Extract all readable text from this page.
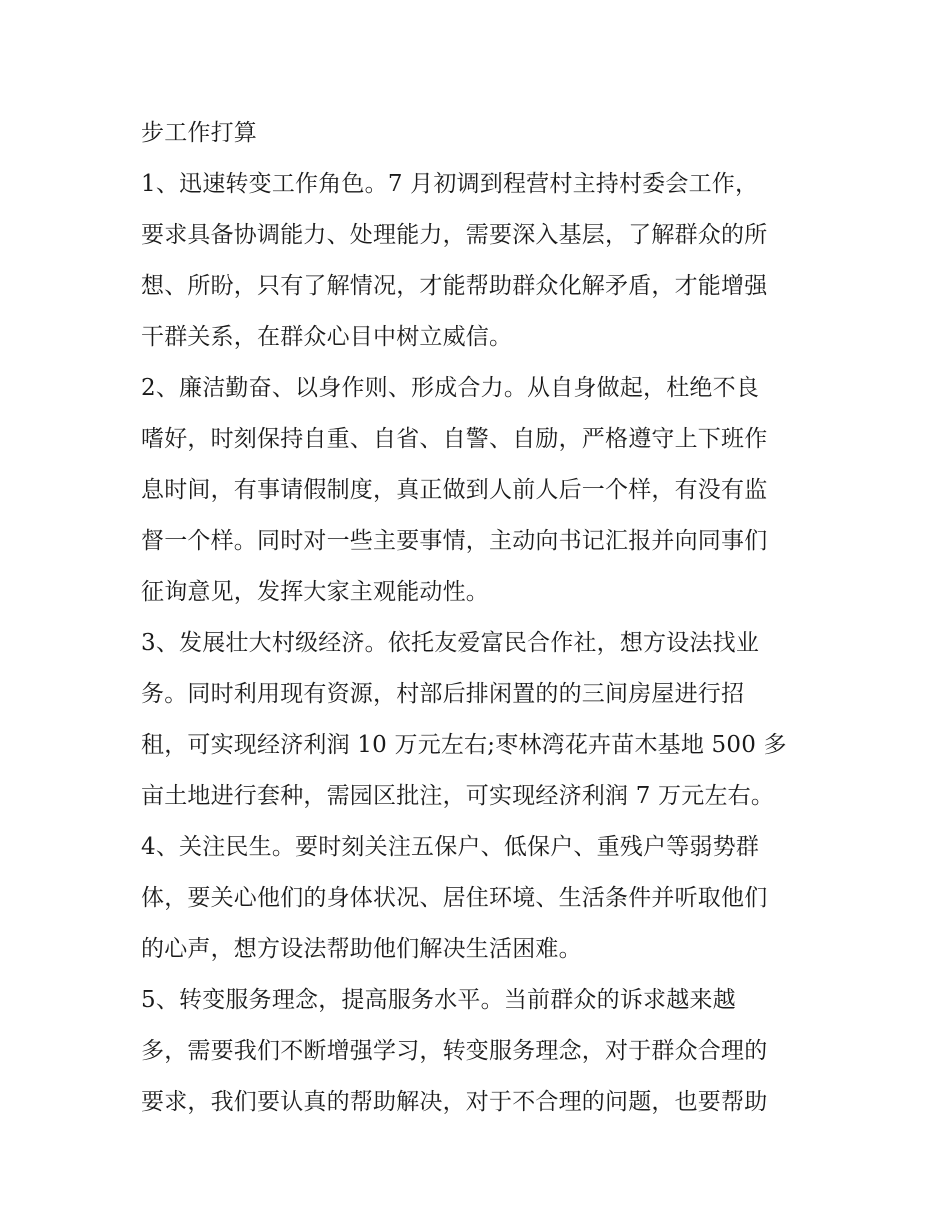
步工作打算
1、迅速转变工作角色。7 月初调到程营村主持村委会工作，
要求具备协调能力、处理能力，需要深入基层，了解群众的所
想、所盼，只有了解情况，才能帮助群众化解矛盾，才能增强
干群关系，在群众心目中树立威信。
2、廉洁勤奋、以身作则、形成合力。从自身做起，杜绝不良
嗜好，时刻保持自重、自省、自警、自励，严格遵守上下班作
息时间，有事请假制度，真正做到人前人后一个样，有没有监
督一个样。同时对一些主要事情，主动向书记汇报并向同事们
征询意见，发挥大家主观能动性。
3、发展壮大村级经济。依托友爱富民合作社，想方设法找业
务。同时利用现有资源，村部后排闲置的的三间房屋进行招
租，可实现经济利润 10 万元左右;枣林湾花卉苗木基地 500 多
亩土地进行套种，需园区批注，可实现经济利润 7 万元左右。
4、关注民生。要时刻关注五保户、低保户、重残户等弱势群
体，要关心他们的身体状况、居住环境、生活条件并听取他们
的心声，想方设法帮助他们解决生活困难。
5、转变服务理念，提高服务水平。当前群众的诉求越来越
多，需要我们不断增强学习，转变服务理念，对于群众合理的
要求，我们要认真的帮助解决，对于不合理的问题，也要帮助
